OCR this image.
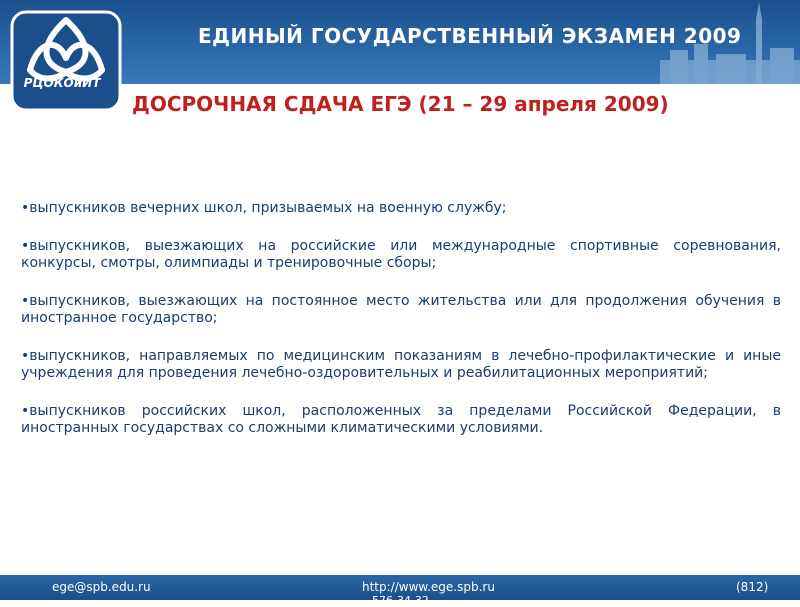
ЕДИНЫЙ ГОСУДАРСТВЕННЫЙ ЭКЗАМЕН 2009
РЦОКОиИТ
ДОСРОЧНАЯ СДАЧА ЕГЭ (21 – 29 апреля 2009)

•выпускников вечерних школ, призываемых на военную службу;

•выпускников, выезжающих на российские или международные спортивные соревнования, конкурсы, смотры, олимпиады и тренировочные сборы;

•выпускников, выезжающих на постоянное место жительства или для продолжения обучения в иностранное государство;

•выпускников, направляемых по медицинским показаниям в лечебно-профилактические и иные учреждения для проведения лечебно-оздоровительных и реабилитационных мероприятий;

•выпускников российских школ, расположенных за пределами Российской Федерации, в иностранных государствах со сложными климатическими условиями.

ege@spb.edu.ru	http://www.ege.spb.ru
576-34-32
(812)
